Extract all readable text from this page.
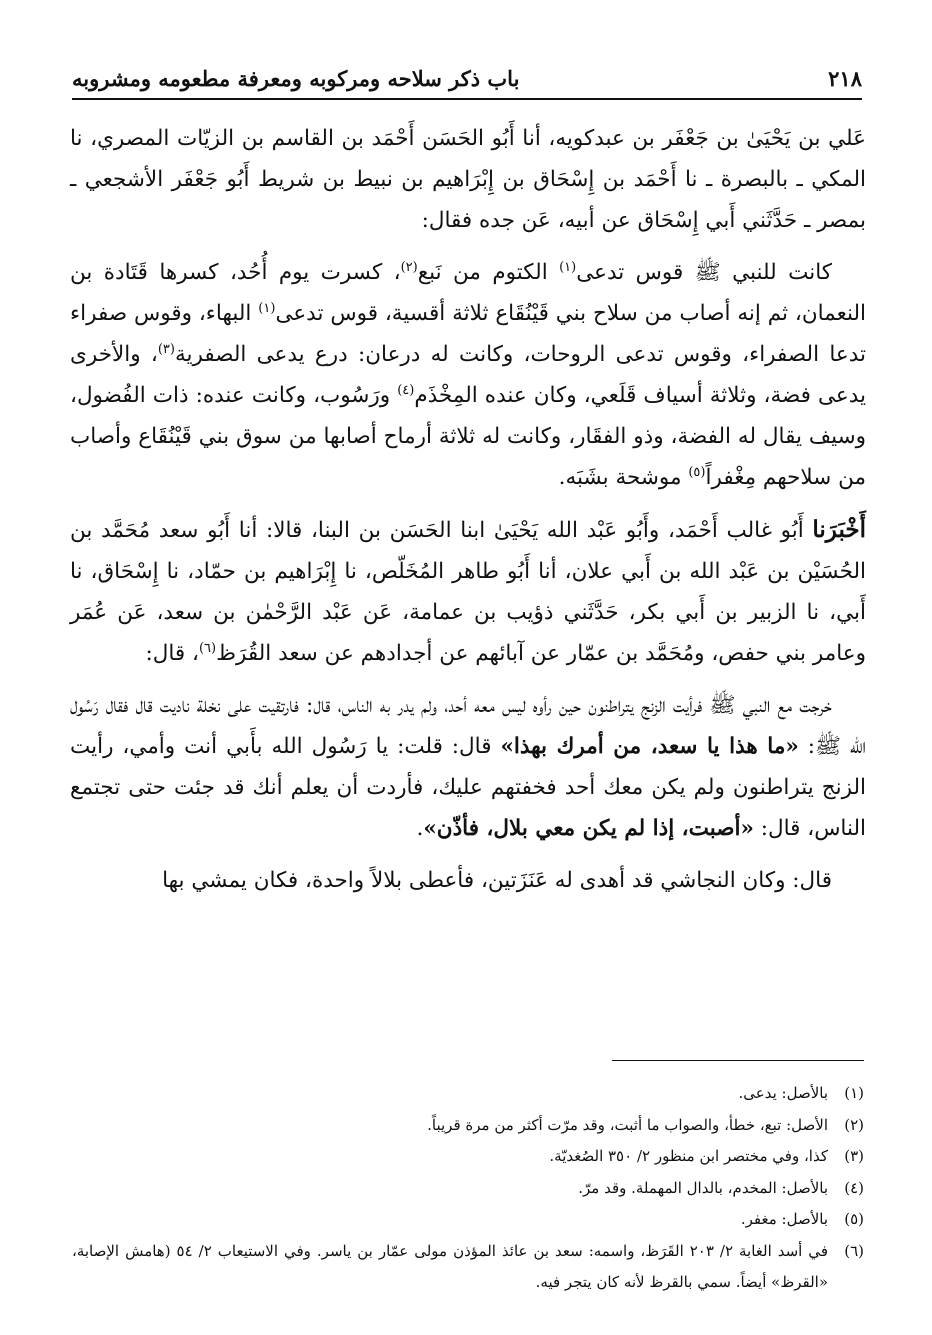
٢١٨
باب ذكر سلاحه ومركوبه ومعرفة مطعومه ومشروبه

عَلي بن يَحْيَىٰ بن جَعْفَر بن عبدكويه، أنا أَبُو الحَسَن أَحْمَد بن القاسم بن الزيّات المصري، نا المكي ـ بالبصرة ـ نا أَحْمَد بن إِسْحَاق بن إِبْرَاهيم بن نبيط بن شريط أَبُو جَعْفَر الأشجعي ـ بمصر ـ حَدَّثَني أَبي إِسْحَاق عن أبيه، عَن جده فقال:

كانت للنبي ﷺ قوس تدعى$^{(١)}$ الكتوم من نَبع$^{(٢)}$، كسرت يوم أُحُد، كسرها قَتَادة بن النعمان، ثم إنه أصاب من سلاح بني قَيْنُقَاع ثلاثة أقسية، قوس تدعى$^{(١)}$ البهاء، وقوس صفراء تدعا الصفراء، وقوس تدعى الروحات، وكانت له درعان: درع يدعى الصفرية$^{(٣)}$، والأخرى يدعى فضة، وثلاثة أسياف قَلَعي، وكان عنده المِخْذَم$^{(٤)}$ ورَسُوب، وكانت عنده: ذات الفُضول، وسيف يقال له الفضة، وذو الفقَار، وكانت له ثلاثة أرماح أصابها من سوق بني قَيْنُقَاع وأصاب من سلاحهم مِغْفراً$^{(٥)}$ موشحة بشَبَه.

أَخْبَرَنا أَبُو غالب أَحْمَد، وأَبُو عَبْد الله يَحْيَىٰ ابنا الحَسَن بن البنا، قالا: أنا أَبُو سعد مُحَمَّد بن الحُسَيْن بن عَبْد الله بن أَبي علان، أنا أَبُو طاهر المُخَلّص، نا إِبْرَاهيم بن حمّاد، نا إِسْحَاق، نا أَبي، نا الزبير بن أَبي بكر، حَدَّثَني ذؤيب بن عمامة، عَن عَبْد الرَّحْمٰن بن سعد، عَن عُمَر وعامر بني حفص، ومُحَمَّد بن عمّار عن آبائهم عن أجدادهم عن سعد القُرَظ$^{(٦)}$، قال:

خرجت مع النبي ﷺ فرأيت الزنج يتراطنون حين رأوه ليس معه أحد، ولم يدر به الناس، قال: فارتقيت على نخلة ناديت قال فقال رَسُول الله ﷺ: «ما هذا يا سعد، من أمرك بهذا» قال: قلت: يا رَسُول الله بأَبي أنت وأمي، رأيت الزنج يتراطنون ولم يكن معك أحد فخفتهم عليك، فأردت أن يعلم أنك قد جئت حتى تجتمع الناس، قال: «أصبت، إذا لم يكن معي بلال، فأذّن».

قال: وكان النجاشي قد أهدى له عَنَزَتين، فأعطى بلالاً واحدة، فكان يمشي بها

(١)
بالأصل: يدعى.
(٢)
الأصل: تبع، خطأ، والصواب ما أثبت، وقد مرّت أكثر من مرة قريباً.
(٣)
كذا، وفي مختصر ابن منظور ٢/ ٣٥٠ الصُغديّة.
(٤)
بالأصل: المخدم، بالدال المهملة. وقد مرّ.
(٥)
بالأصل: مغفر.
(٦)
في أسد الغابة ٢/ ٢٠٣ القَرَظ، واسمه: سعد بن عائذ المؤذن مولى عمّار بن ياسر. وفي الاستيعاب ٢/ ٥٤ (هامش الإصابة، «القرظ» أيضاً. سمي بالقرظ لأنه كان يتجر فيه.
